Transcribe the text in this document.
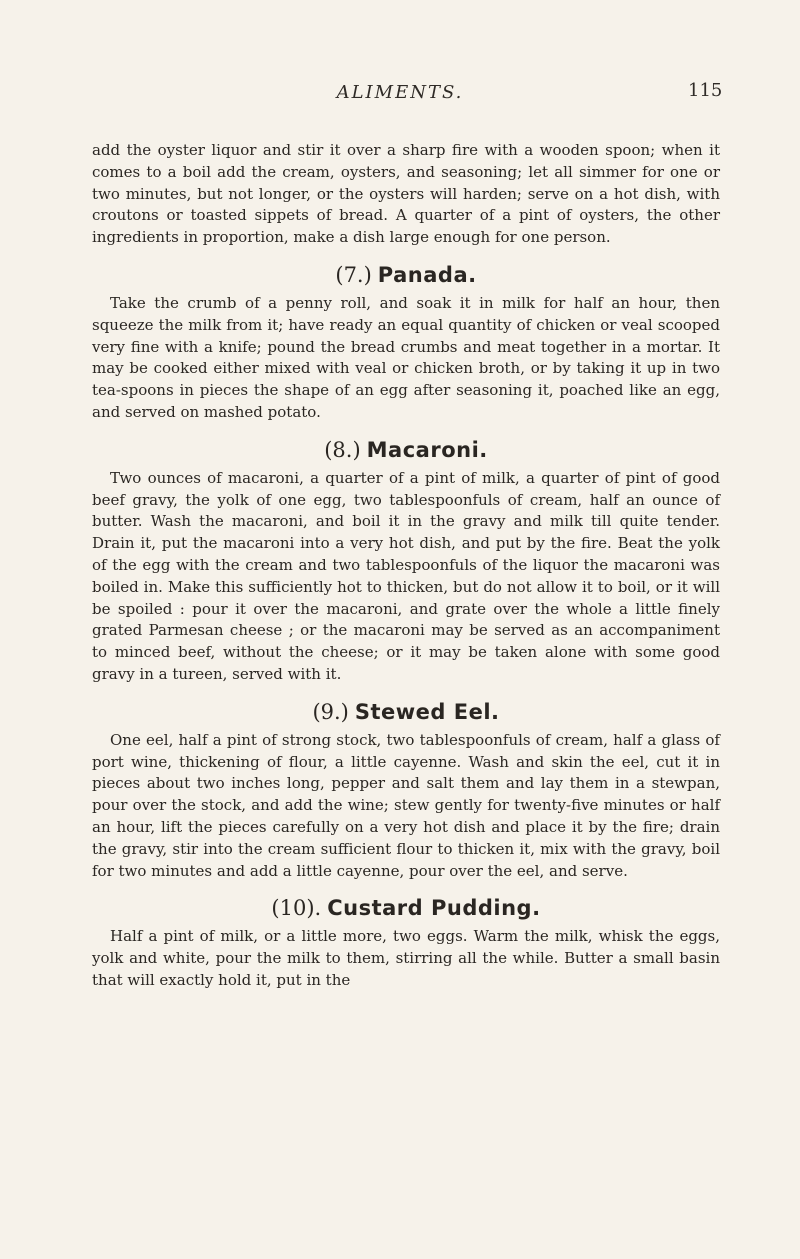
ALIMENTS.	115

add the oyster liquor and stir it over a sharp fire with a wooden spoon; when it comes to a boil add the cream, oysters, and seasoning; let all simmer for one or two minutes, but not longer, or the oysters will harden; serve on a hot dish, with croutons or toasted sippets of bread. A quarter of a pint of oysters, the other ingredients in proportion, make a dish large enough for one person.

(7.) Panada.

Take the crumb of a penny roll, and soak it in milk for half an hour, then squeeze the milk from it; have ready an equal quantity of chicken or veal scooped very fine with a knife; pound the bread crumbs and meat together in a mortar. It may be cooked either mixed with veal or chicken broth, or by taking it up in two tea-spoons in pieces the shape of an egg after seasoning it, poached like an egg, and served on mashed potato.

(8.) Macaroni.

Two ounces of macaroni, a quarter of a pint of milk, a quarter of pint of good beef gravy, the yolk of one egg, two tablespoonfuls of cream, half an ounce of butter. Wash the macaroni, and boil it in the gravy and milk till quite tender. Drain it, put the macaroni into a very hot dish, and put by the fire. Beat the yolk of the egg with the cream and two tablespoonfuls of the liquor the macaroni was boiled in. Make this sufficiently hot to thicken, but do not allow it to boil, or it will be spoiled : pour it over the macaroni, and grate over the whole a little finely grated Parmesan cheese ; or the macaroni may be served as an accompaniment to minced beef, without the cheese; or it may be taken alone with some good gravy in a tureen, served with it.

(9.) Stewed Eel.

One eel, half a pint of strong stock, two tablespoonfuls of cream, half a glass of port wine, thickening of flour, a little cayenne. Wash and skin the eel, cut it in pieces about two inches long, pepper and salt them and lay them in a stewpan, pour over the stock, and add the wine; stew gently for twenty-five minutes or half an hour, lift the pieces carefully on a very hot dish and place it by the fire; drain the gravy, stir into the cream sufficient flour to thicken it, mix with the gravy, boil for two minutes and add a little cayenne, pour over the eel, and serve.

(10). Custard Pudding.

Half a pint of milk, or a little more, two eggs. Warm the milk, whisk the eggs, yolk and white, pour the milk to them, stirring all the while. Butter a small basin that will exactly hold it, put in the
